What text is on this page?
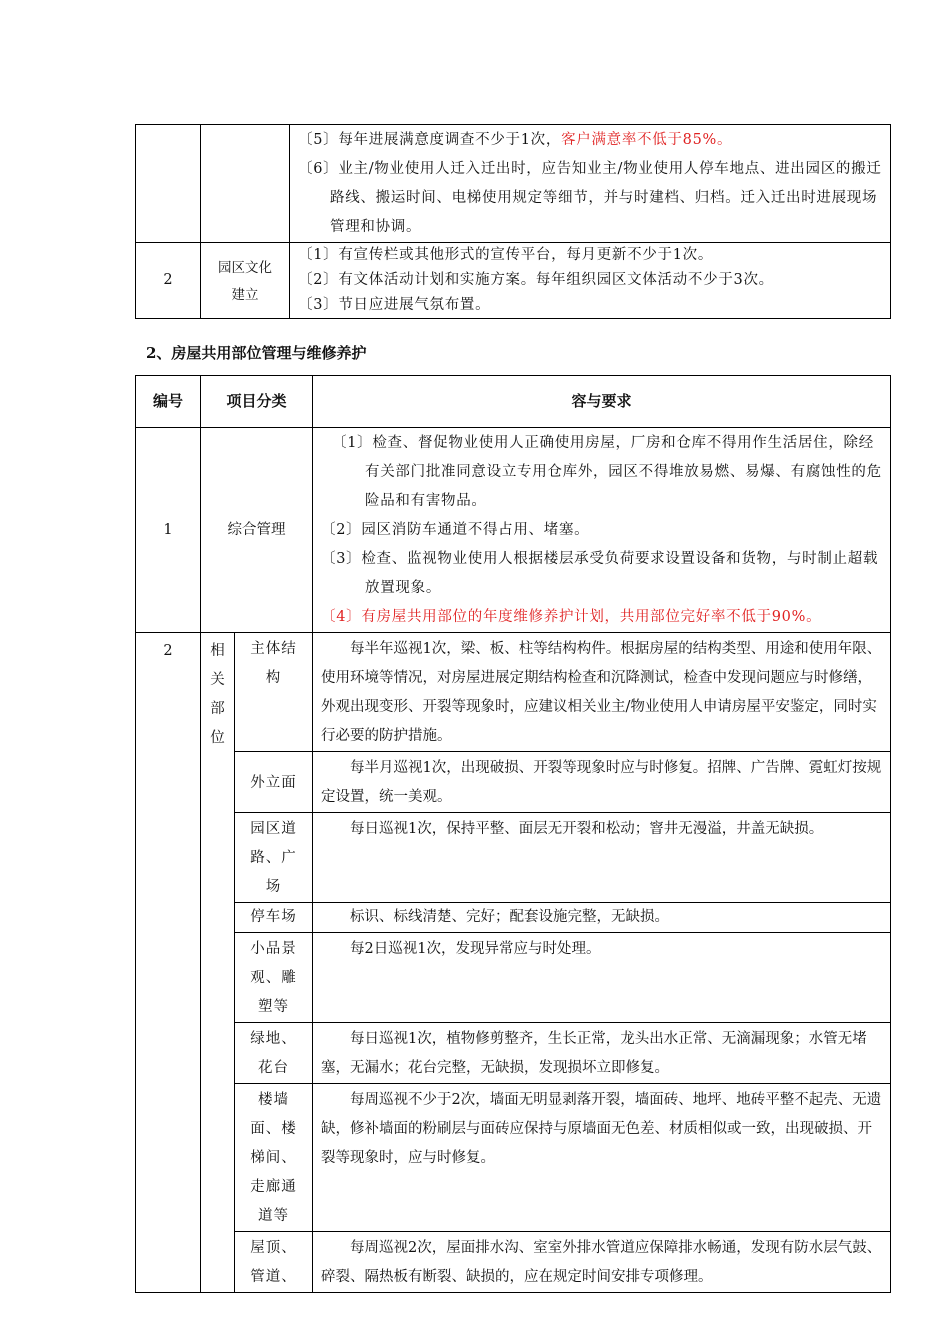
		〔5〕每年进展满意度调查不少于1次，客户满意率不低于85%。
〔6〕业主/物业使用人迁入迁出时，应告知业主/物业使用人停车地点、进出园区的搬迁路线、搬运时间、电梯使用规定等细节，并与时建档、归档。迁入迁出时进展现场管理和协调。

2	园区文化建立	〔1〕有宣传栏或其他形式的宣传平台，每月更新不少于1次。
〔2〕有文体活动计划和实施方案。每年组织园区文体活动不少于3次。
〔3〕节日应进展气氛布置。
2、房屋共用部位管理与维修养护
编号	项目分类		容与要求
1	综合管理		〔1〕检查、督促物业使用人正确使用房屋，厂房和仓库不得用作生活居住，除经有关部门批准同意设立专用仓库外，园区不得堆放易燃、易爆、有腐蚀性的危险品和有害物品。
〔2〕园区消防车通道不得占用、堵塞。
〔3〕检查、监视物业使用人根据楼层承受负荷要求设置设备和货物，与时制止超载放置现象。
〔4〕有房屋共用部位的年度维修养护计划，共用部位完好率不低于90%。

2	相
关
部
位	主体结构	每半年巡视1次，梁、板、柱等结构构件。根据房屋的结构类型、用途和使用年限、使用环境等情况，对房屋进展定期结构检查和沉降测试，检查中发现问题应与时修缮，外观出现变形、开裂等现象时，应建议相关业主/物业使用人申请房屋平安鉴定，同时实行必要的防护措施。
		外立面	每半月巡视1次，出现破损、开裂等现象时应与时修复。招牌、广告牌、霓虹灯按规定设置，统一美观。

		园区道路、广场	每日巡视1次，保持平整、面层无开裂和松动；窨井无漫溢，井盖无缺损。
		停车场	标识、标线清楚、完好；配套设施完整，无缺损。

		小品景观、雕塑等	每2日巡视1次，发现异常应与时处理。

		绿地、花台	每日巡视1次，植物修剪整齐，生长正常，龙头出水正常、无滴漏现象；水管无堵塞，无漏水；花台完整，无缺损，发现损坏立即修复。

		楼墙面、楼梯间、走廊通道等	每周巡视不少于2次，墙面无明显剥落开裂，墙面砖、地坪、地砖平整不起壳、无遗缺，修补墙面的粉刷层与面砖应保持与原墙面无色差、材质相似或一致，出现破损、开裂等现象时，应与时修复。

		屋顶、管道、	每周巡视2次，屋面排水沟、室室外排水管道应保障排水畅通，发现有防水层气鼓、碎裂、隔热板有断裂、缺损的，应在规定时间安排专项修理。
